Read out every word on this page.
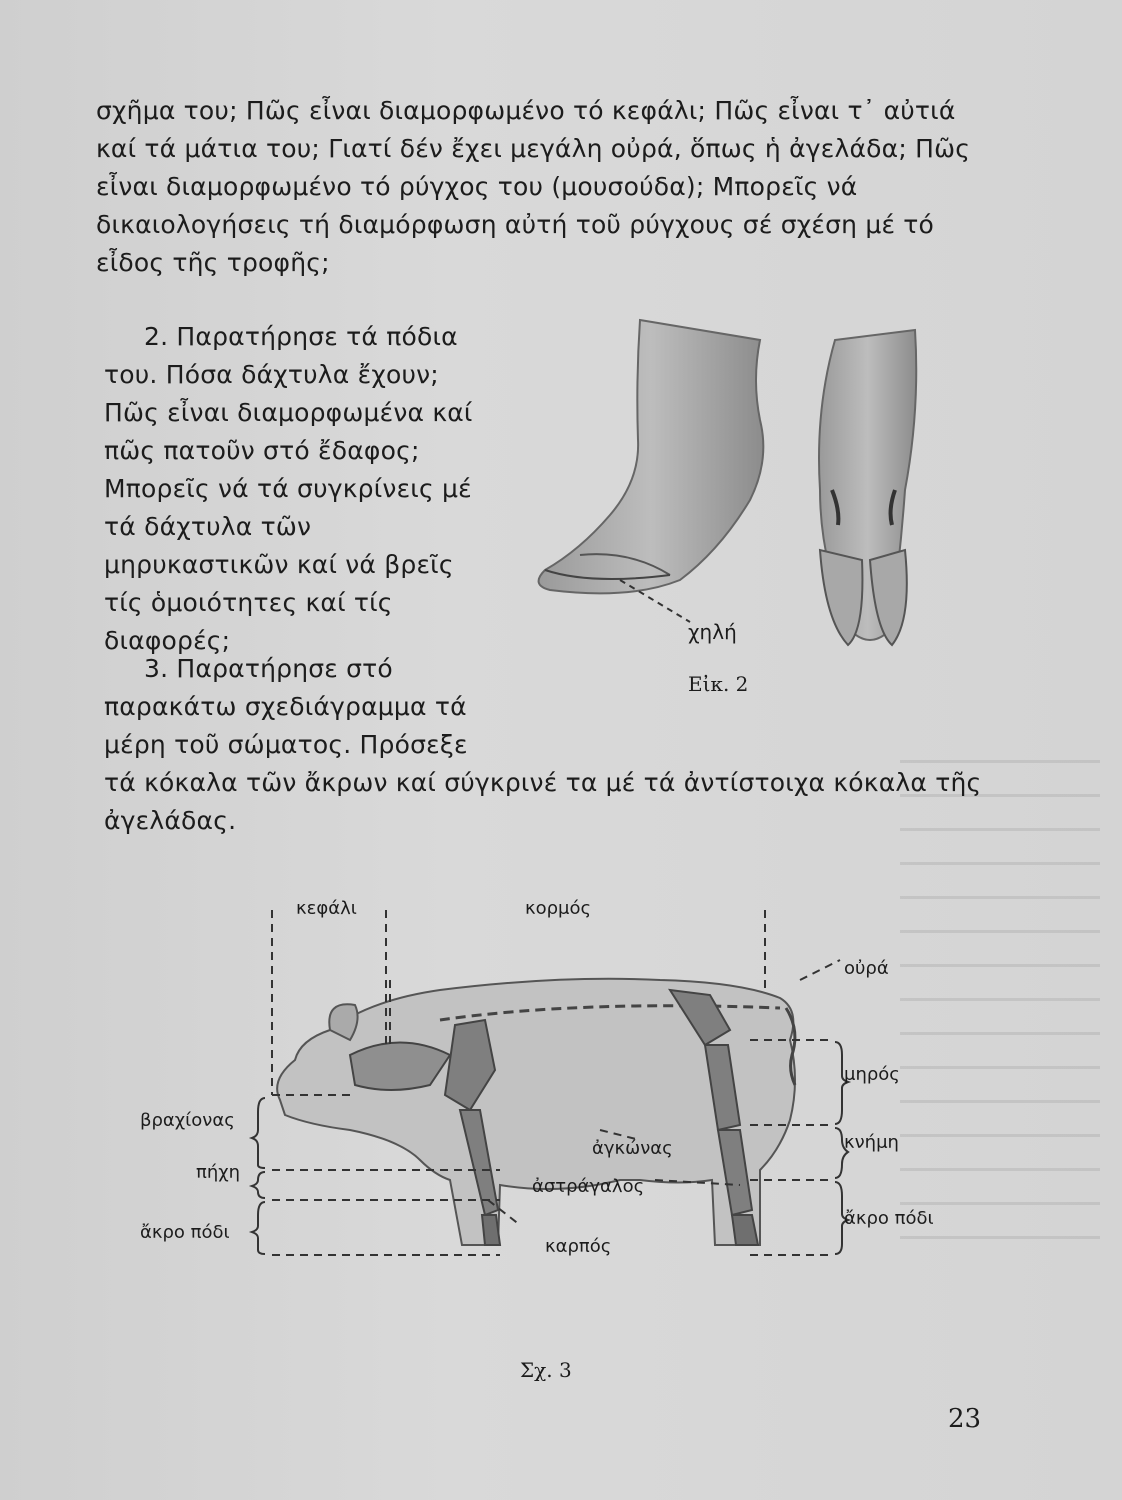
σχῆμα του; Πῶς εἶναι διαμορφωμένο τό κεφάλι; Πῶς εἶναι τ᾽ αὐτιά καί τά μάτια του; Γιατί δέν ἔχει μεγάλη οὐρά, ὅπως ἡ ἀγελάδα; Πῶς εἶναι διαμορφωμένο τό ρύγχος του (μουσούδα); Μπορεῖς νά δικαιολογήσεις τή διαμόρφωση αὐτή τοῦ ρύγχους σέ σχέση μέ τό εἶδος τῆς τροφῆς;
2. Παρατήρησε τά πόδια του. Πόσα δάχτυλα ἔχουν; Πῶς εἶναι διαμορφωμένα καί πῶς πατοῦν στό ἔδαφος; Μπορεῖς νά τά συγκρίνεις μέ τά δάχτυλα τῶν μηρυκαστικῶν καί νά βρεῖς τίς ὁμοιότητες καί τίς διαφορές;
3. Παρατήρησε στό παρακάτω σχεδιάγραμμα τά μέρη τοῦ σώματος. Πρόσεξε
τά κόκαλα τῶν ἄκρων καί σύγκρινέ τα μέ τά ἀντίστοιχα κόκαλα τῆς ἀγελάδας.
χηλή
Εἰκ. 2
κεφάλι	κορμός
οὐρά
μηρός
βραχίονας
κνήμη
ἀγκώνας
πήχη
ἀστράγαλος
ἄκρο πόδι
ἄκρο πόδι
καρπός
Σχ. 3
23
